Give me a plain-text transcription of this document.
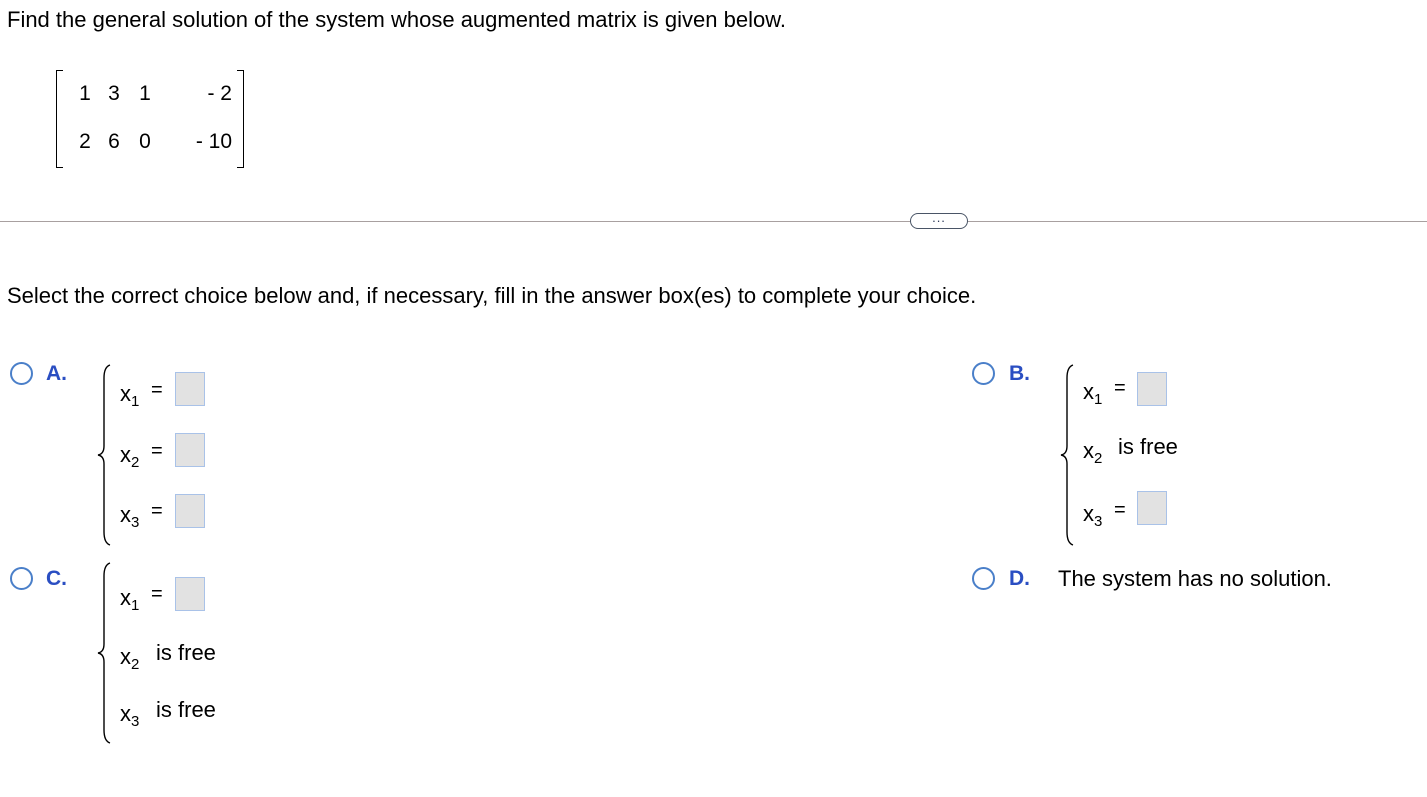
Find the general solution of the system whose augmented matrix is given below.
1 3 1	- 2
2 6 0	- 10
...
Select the correct choice below and, if necessary, fill in the answer box(es) to complete your choice.
A.
$x_1$
=
$x_2$
=
$x_3$
=
B.
$x_1$
=
$x_2$ is free
$x_3$
=
C.
$x_1$
=
$x_2$ is free
$x_3$ is free
D. The system has no solution.
